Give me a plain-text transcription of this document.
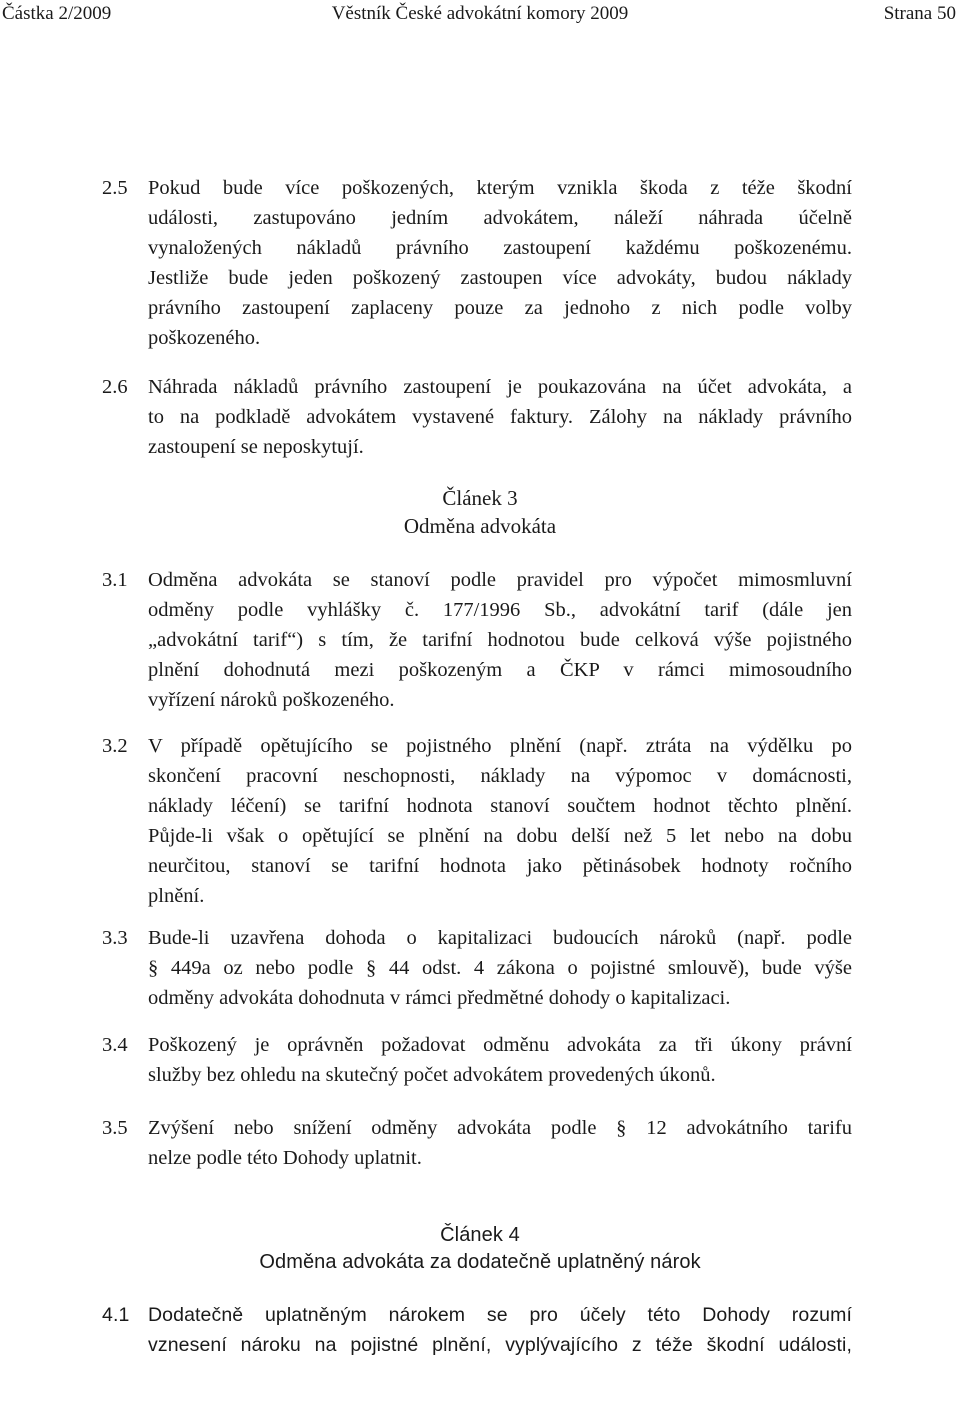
Částka 2/2009	Věstník České advokátní komory 2009	Strana 50
2.5 Pokud bude více poškozených, kterým vznikla škoda z téže škodní
události, zastupováno jedním advokátem, náleží náhrada účelně
vynaložených nákladů právního zastoupení každému poškozenému.
Jestliže bude jeden poškozený zastoupen více advokáty, budou náklady
právního zastoupení zaplaceny pouze za jednoho z nich podle volby
poškozeného.
2.6 Náhrada nákladů právního zastoupení je poukazována na účet advokáta, a
to na podkladě advokátem vystavené faktury. Zálohy na náklady právního
zastoupení se neposkytují.
Článek 3
Odměna advokáta
3.1 Odměna advokáta se stanoví podle pravidel pro výpočet mimosmluvní
odměny podle vyhlášky č. 177/1996 Sb., advokátní tarif (dále jen
„advokátní tarif“) s tím, že tarifní hodnotou bude celková výše pojistného
plnění dohodnutá mezi poškozeným a ČKP v rámci mimosoudního
vyřízení nároků poškozeného.
3.2 V případě opětujícího se pojistného plnění (např. ztráta na výdělku po
skončení pracovní neschopnosti, náklady na výpomoc v domácnosti,
náklady léčení) se tarifní hodnota stanoví součtem hodnot těchto plnění.
Půjde-li však o opětující se plnění na dobu delší než 5 let nebo na dobu
neurčitou, stanoví se tarifní hodnota jako pětinásobek hodnoty ročního
plnění.
3.3 Bude-li uzavřena dohoda o kapitalizaci budoucích nároků (např. podle
§ 449a oz nebo podle § 44 odst. 4 zákona o pojistné smlouvě), bude výše
odměny advokáta dohodnuta v rámci předmětné dohody o kapitalizaci.
3.4 Poškozený je oprávněn požadovat odměnu advokáta za tři úkony právní
služby bez ohledu na skutečný počet advokátem provedených úkonů.
3.5 Zvýšení nebo snížení odměny advokáta podle § 12 advokátního tarifu
nelze podle této Dohody uplatnit.
Článek 4
Odměna advokáta za dodatečně uplatněný nárok
4.1 Dodatečně uplatněným nárokem se pro účely této Dohody rozumí
vznesení nároku na pojistné plnění, vyplývajícího z téže škodní události,
